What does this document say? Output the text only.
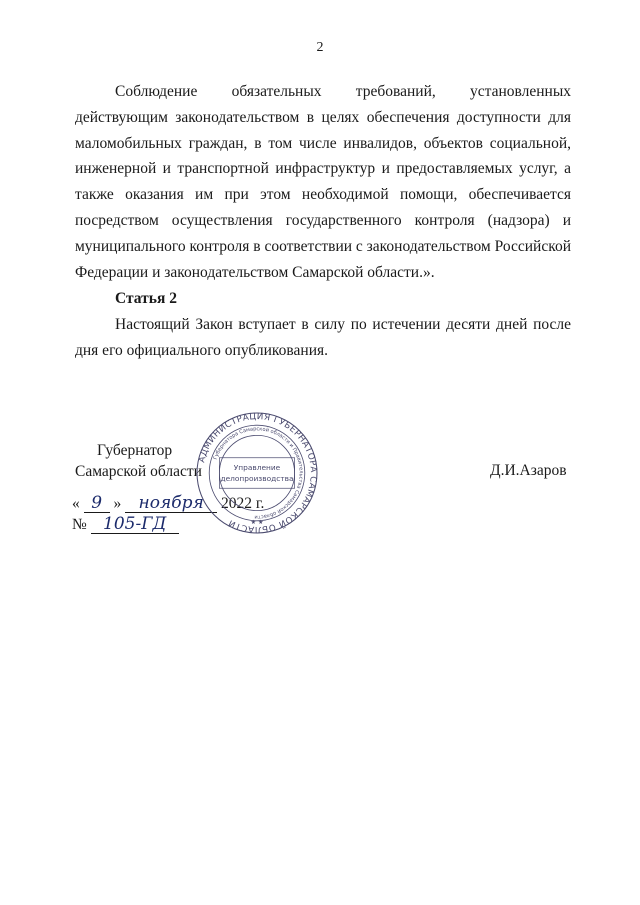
2

Соблюдение обязательных требований, установленных действующим законодательством в целях обеспечения доступности для маломобильных граждан, в том числе инвалидов, объектов социальной, инженерной и транспортной инфраструктур и предоставляемых услуг, а также оказания им при этом необходимой помощи, обеспечивается посредством осуществления государственного контроля (надзора) и муниципального контроля в соответствии с законодательством Российской Федерации и законодательством Самарской области.».

Статья 2

Настоящий Закон вступает в силу по истечении десяти дней после дня его официального опубликования.

Губернатор

Самарской области	Д.И.Азаров
« 9 » ноября 2022 г.
№ 105-ГД
АДМИНИСТРАЦИЯ ГУБЕРНАТОРА САМАРСКОЙ ОБЛАСТИ
Губернатора Самарской области и Правительства Самарской области
Управление
делопроизводства
★ ★
